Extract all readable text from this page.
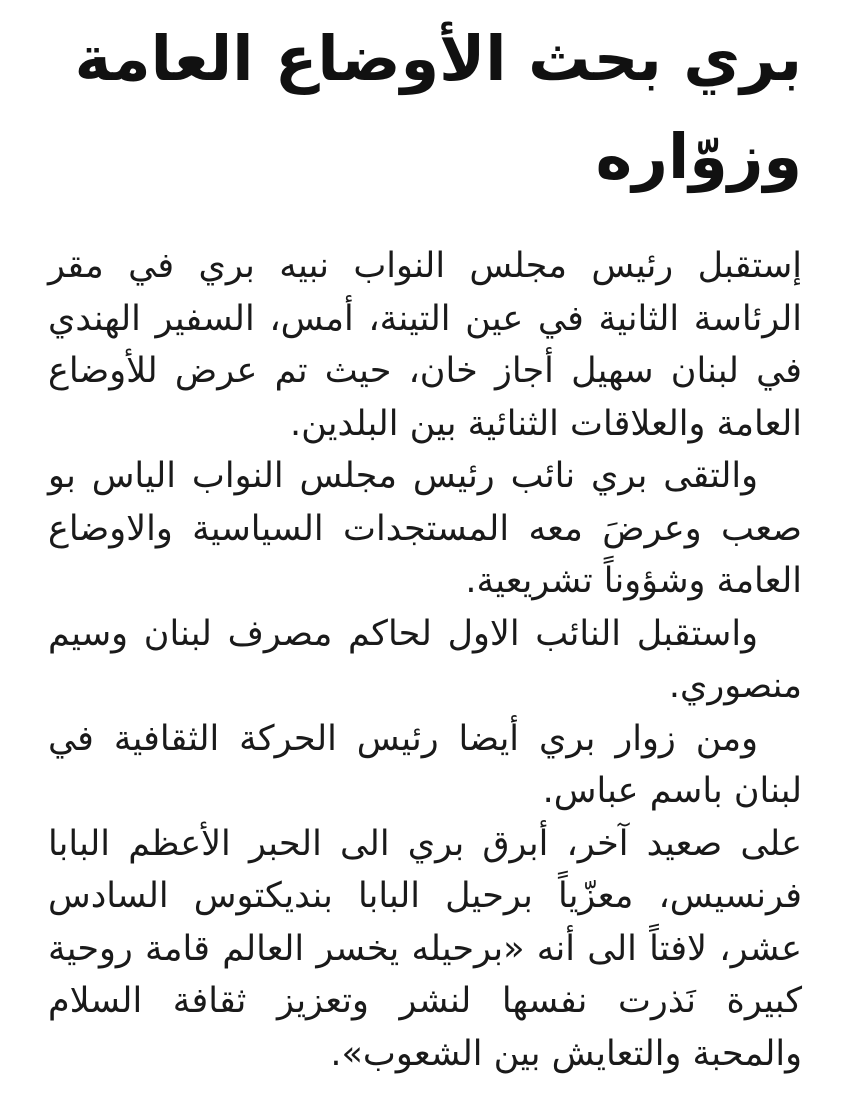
بري بحث الأوضاع العامة وزوّاره

إستقبل رئيس مجلس النواب نبيه بري في مقر الرئاسة الثانية في عين التينة، أمس، السفير الهندي في لبنان سهيل أجاز خان، حيث تم عرض للأوضاع العامة والعلاقات الثنائية بين البلدين.

والتقى بري نائب رئيس مجلس النواب الياس بو صعب وعرضَ معه المستجدات السياسية والاوضاع العامة وشؤوناً تشريعية.

واستقبل النائب الاول لحاكم مصرف لبنان وسيم منصوري.

ومن زوار بري أيضا رئيس الحركة الثقافية في لبنان باسم عباس.

على صعيد آخر، أبرق بري الى الحبر الأعظم البابا فرنسيس، معزّياً برحيل البابا بنديكتوس السادس عشر، لافتاً الى أنه «برحيله يخسر العالم قامة روحية كبيرة نَذرت نفسها لنشر وتعزيز ثقافة السلام والمحبة والتعايش بين الشعوب».
